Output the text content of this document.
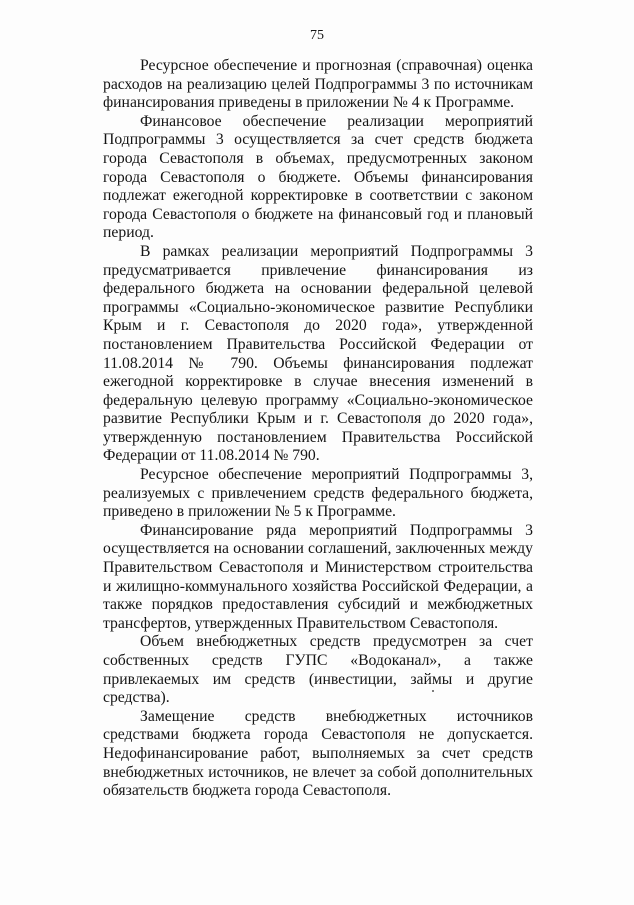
75

Ресурсное обеспечение и прогнозная (справочная) оценка расходов на реализацию целей Подпрограммы 3 по источникам финансирования приведены в приложении № 4 к Программе.

Финансовое обеспечение реализации мероприятий Подпрограммы 3 осуществляется за счет средств бюджета города Севастополя в объемах, предусмотренных законом города Севастополя о бюджете. Объемы финансирования подлежат ежегодной корректировке в соответствии с законом города Севастополя о бюджете на финансовый год и плановый период.

В рамках реализации мероприятий Подпрограммы 3 предусматривается привлечение финансирования из федерального бюджета на основании федеральной целевой программы «Социально-экономическое развитие Республики Крым и г. Севастополя до 2020 года», утвержденной постановлением Правительства Российской Федерации от 11.08.2014 № 790. Объемы финансирования подлежат ежегодной корректировке в случае внесения изменений в федеральную целевую программу «Социально-экономическое развитие Республики Крым и г. Севастополя до 2020 года», утвержденную постановлением Правительства Российской Федерации от 11.08.2014 № 790.

Ресурсное обеспечение мероприятий Подпрограммы 3, реализуемых с привлечением средств федерального бюджета, приведено в приложении № 5 к Программе.

Финансирование ряда мероприятий Подпрограммы 3 осуществляется на основании соглашений, заключенных между Правительством Севастополя и Министерством строительства и жилищно-коммунального хозяйства Российской Федерации, а также порядков предоставления субсидий и межбюджетных трансфертов, утвержденных Правительством Севастополя.

Объем внебюджетных средств предусмотрен за счет собственных средств ГУПС «Водоканал», а также привлекаемых им средств (инвестиции, займы и другие средства).

Замещение средств внебюджетных источников средствами бюджета города Севастополя не допускается. Недофинансирование работ, выполняемых за счет средств внебюджетных источников, не влечет за собой дополнительных обязательств бюджета города Севастополя.
